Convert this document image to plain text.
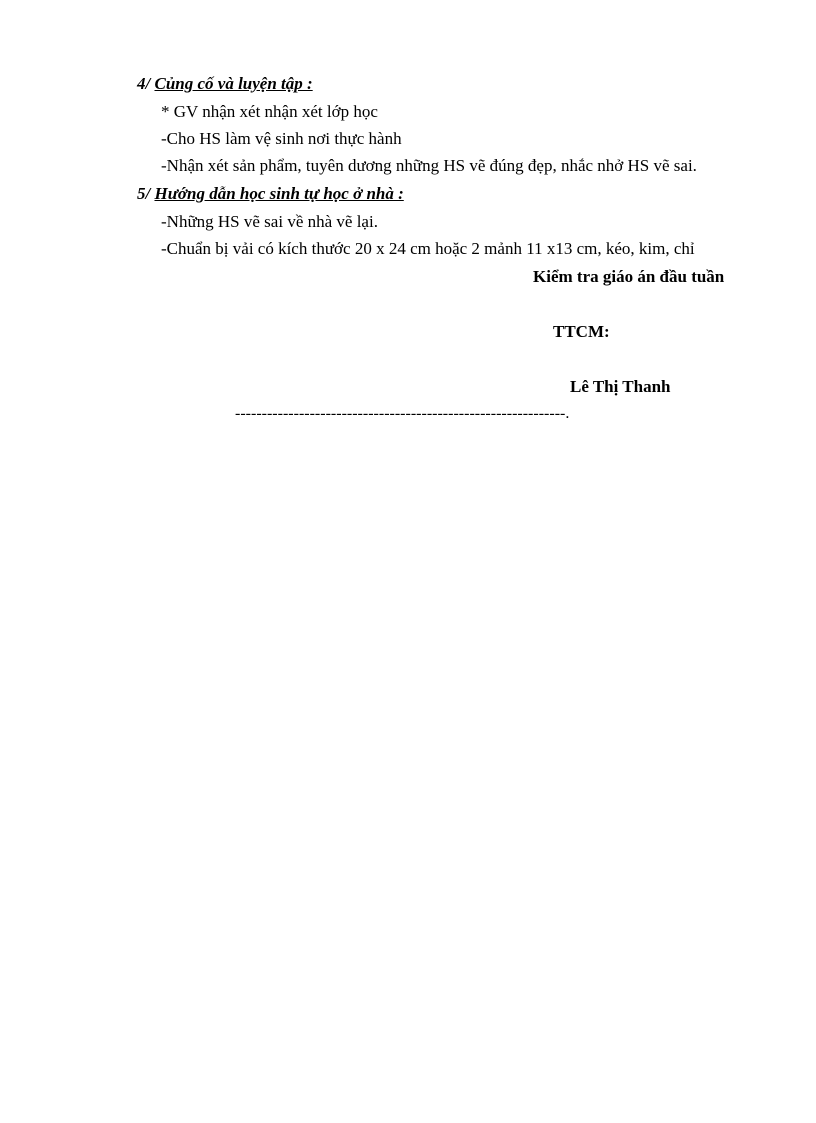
4/ Củng cố và luyện tập :
* GV nhận xét nhận xét lớp học
-Cho HS làm vệ sinh nơi thực hành
-Nhận xét sản phẩm, tuyên dương những HS vẽ đúng đẹp, nhắc nhở HS vẽ sai.
5/ Hướng dẫn học sinh tự học ở nhà :
-Những HS vẽ sai về nhà vẽ lại.
-Chuẩn bị vải có kích thước 20 x 24 cm hoặc 2 mảnh 11 x13 cm, kéo, kim, chỉ
Kiểm tra giáo án đầu tuần
TTCM:
Lê Thị Thanh
--------------------------------------------------------------.
